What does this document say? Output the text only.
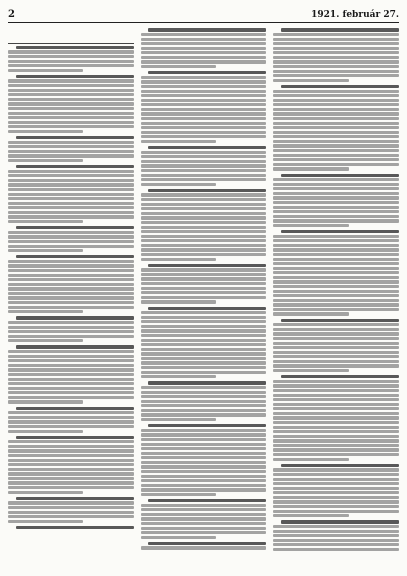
2	1921. február 27.
